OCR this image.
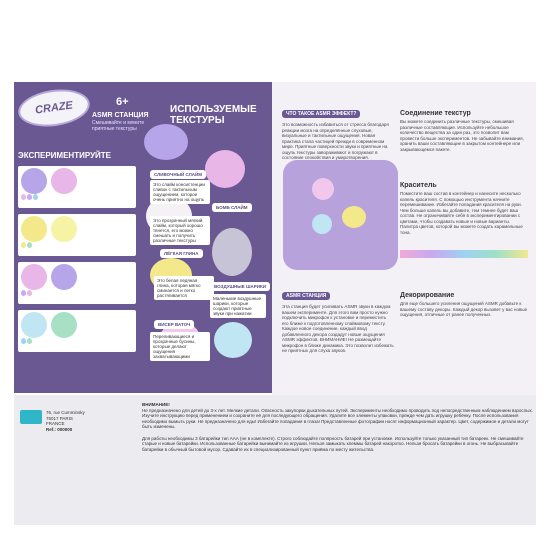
CRAZE	6+
ASMR СТАНЦИЯ
Смешивайте и мяните приятные текстуры
ИСПОЛЬЗУЕМЫЕ ТЕКСТУРЫ
СЛИВОЧНЫЙ СЛАЙМ
Это слайм консистенции сливок с тактильным ощущением, которое очень приятно на ощупь
БОМБ СЛАЙМ
Это прозрачный мягкий слайм, который хорошо тянется, его можно смешать и получить различные текстуры
ЛЁГКАЯ ГЛИНА
Это белая ледяная глина, которая мягко сминается и легко растягивается
ВОЗДУШНЫЕ ШАРИКИ
Маленькие воздушные шарики, которые создают приятные звуки при нажатии
ВИСЕР ВАТОЧ
Переливающиеся и прозрачные бусины, которые делают ощущения захватывающими
ЭКСПЕРИМЕНТИРУЙТЕ
ЧТО ТАКОЕ ASMR ЭФФЕКТ?
Это возможность избавиться от стресса благодаря реакции мозга на определённые слуховые, визуальные и тактильные ощущения. Новая практика стала частицей прежди в современном мире. Приятные поверхности звуки и приятные на ощупь текстуры завораживают и погружают в состояние спокойствия и умиротворения.
ASMR СТАНЦИЯ
Эта станция будет усиливать ASMR звуки в каждом вашем эксперименте. Для этого вам просто нужно подключить микрофон к установке и переместить его ближе к подготовленному слаймовому тексту. Каждое новое соединение, каждый ввод добавленного декора создадут новые ощущения ASMR эффектов. ВНИМАНИЕ! Не размещайте микрофон в ближе динамика. Это позволит избежать не приятных для слуха звуков.
Соединение текстур
Вы можете соединить различные текстуры, смешивая различные составляющие. Используйте небольшое количество вещества за один раз, это позволит вам провести больше экспериментов. Не забывайте внимания, хранить ваши составляющие в закрытом контейнере или закрывающемся пакете.
Краситель
Поместите ваш состав в контейнер и нанесите несколько капель красителя. С помощью инструмента начните перемешивание. Избегайте попадания красителя на руки. Чем больше капель вы добавите, тем темнее будет ваш состав. Не ограничивайте себя в экспериментировании с цветами, чтобы создавать новые и новые варианты. Палитра цветов, которой вы можете создать карамельные тона.
Декорирование
Для еще большего усиления ощущений ASMR добавьте к вашему составу декоры. Каждый декор вызовет у вас новые ощущения, отличные от ранее полученных.
76, rue Cumminsky 75017 PARIS FRANCE
Ref.: 000000
ВНИМАНИЕ!
Не предназначено для детей до 3-х лет. Мелкие детали. Опасность закупорки дыхательных путей. Эксперименты необходимо проводить под непосредственным наблюдением взрослых. Изучите инструкцию перед применением и сохраните её для последующего обращения. Удалите все элементы упаковки, прежде чем дать игрушку ребёнку. После использования необходимо вымыть руки. Не предназначено для еды! Избегайте попадания в глаза! Представленные фотографии носят информационный характер. Цвет, содержимое и детали могут быть изменены.
Для работы необходимы 3 батарейки тип ААА (не в комплекте). Строго соблюдайте полярность батарей при установке. Используйте только указанный тип батареек. Не смешивайте старые и новые батарейки. Использованные батарейки вынимайте из игрушки. Нельзя замыкать клеммы батарей накоротко. Нельзя бросать батарейки в огонь. Не выбрасывайте батарейки в обычный бытовой мусор. Сдавайте их в специализированный пункт приёма по месту жительства.
